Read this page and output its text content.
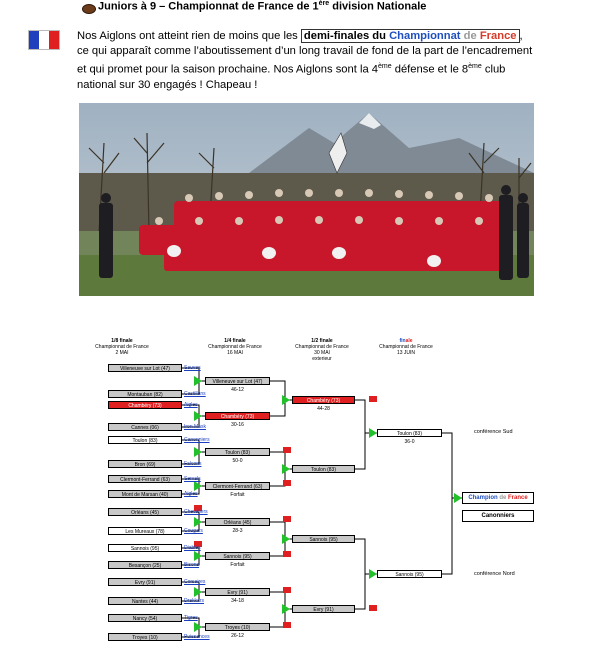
Juniors à 9 – Championnat de France de 1ère division Nationale
Nos Aiglons ont atteint rien de moins que les demi-finales du Championnat de France , ce qui apparaît comme l’aboutissement d’un long travail de fond de la part de l’encadrement et qui promet pour la saison prochaine. Nos Aiglons sont la 4ème défense et le 8ème club national sur 30 engagés ! Chapeau !
1/8 finale
Championnat de France
2 MAI
1/4 finale
Championnat de France
16 MAI
1/2 finale
Championnat de France
30 MAI
exterieur
finale
Championnat de France
13 JUIN
Villeneuve sur Lot (47)	Sauvas
Montauban (82)	Castillans
Chambéry (73)	Aigles
Cannes (06)	Iron Mask
Toulon (83)	Canonniers
Bron (69)	Falcons
Clermont-Ferrand (63)	Servals
Mont de Marsan (40)	Aigles
Orléans (45)	Chevaliers
Les Mureaux (78)	Cougars
Sannois (95)	Diables
Besançon (25)	Bisons
Evry (91)	Corsaires
Nantes (44)	Drakkars
Nancy (54)	Tigres
Troyes (10)	Puissances
Villeneuve sur Lot (47)
46-12
Chambéry (73)
30-16
Toulon (83)
50-0
Clermont-Ferrand (63)
Forfait
Orléans (45)
28-3
Sannois (95)
Forfait
Evry (91)
34-18
Troyes (10)
26-12
Chambéry (73)
44-28
Toulon (83)
Sannois (95)
Evry (91)
Toulon (83)
36-0
Sannois (95)
Champion de France
Canonniers
conférence Sud
conférence Nord
